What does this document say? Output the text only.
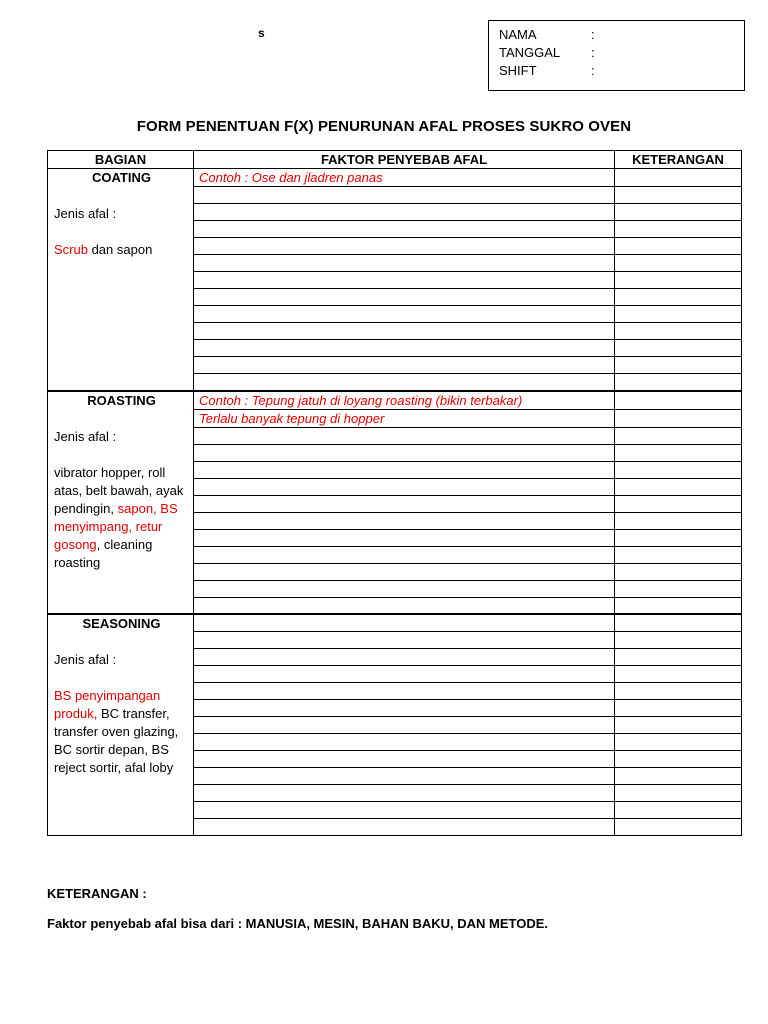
s	NAMA	:
TANGGAL :
SHIFT	:
FORM PENENTUAN F(X) PENURUNAN AFAL PROSES SUKRO OVEN
BAGIAN	FAKTOR PENYEBAB AFAL	KETERANGAN

COATING
Jenis afal :
Scrub dan sapon	Contoh : Ose dan jladren panas	

ROASTING
Jenis afal :
vibrator hopper, roll atas, belt bawah, ayak pendingin, sapon, BS menyimpang, retur gosong, cleaning roasting	Contoh : Tepung jatuh di loyang roasting (bikin terbakar)	
	Terlalu banyak tepung di hopper	

SEASONING
Jenis afal :
BS penyimpangan produk, BC transfer, transfer oven glazing, BC sortir depan, BS reject sortir, afal loby		

KETERANGAN :
Faktor penyebab afal bisa dari : MANUSIA, MESIN, BAHAN BAKU, DAN METODE.
